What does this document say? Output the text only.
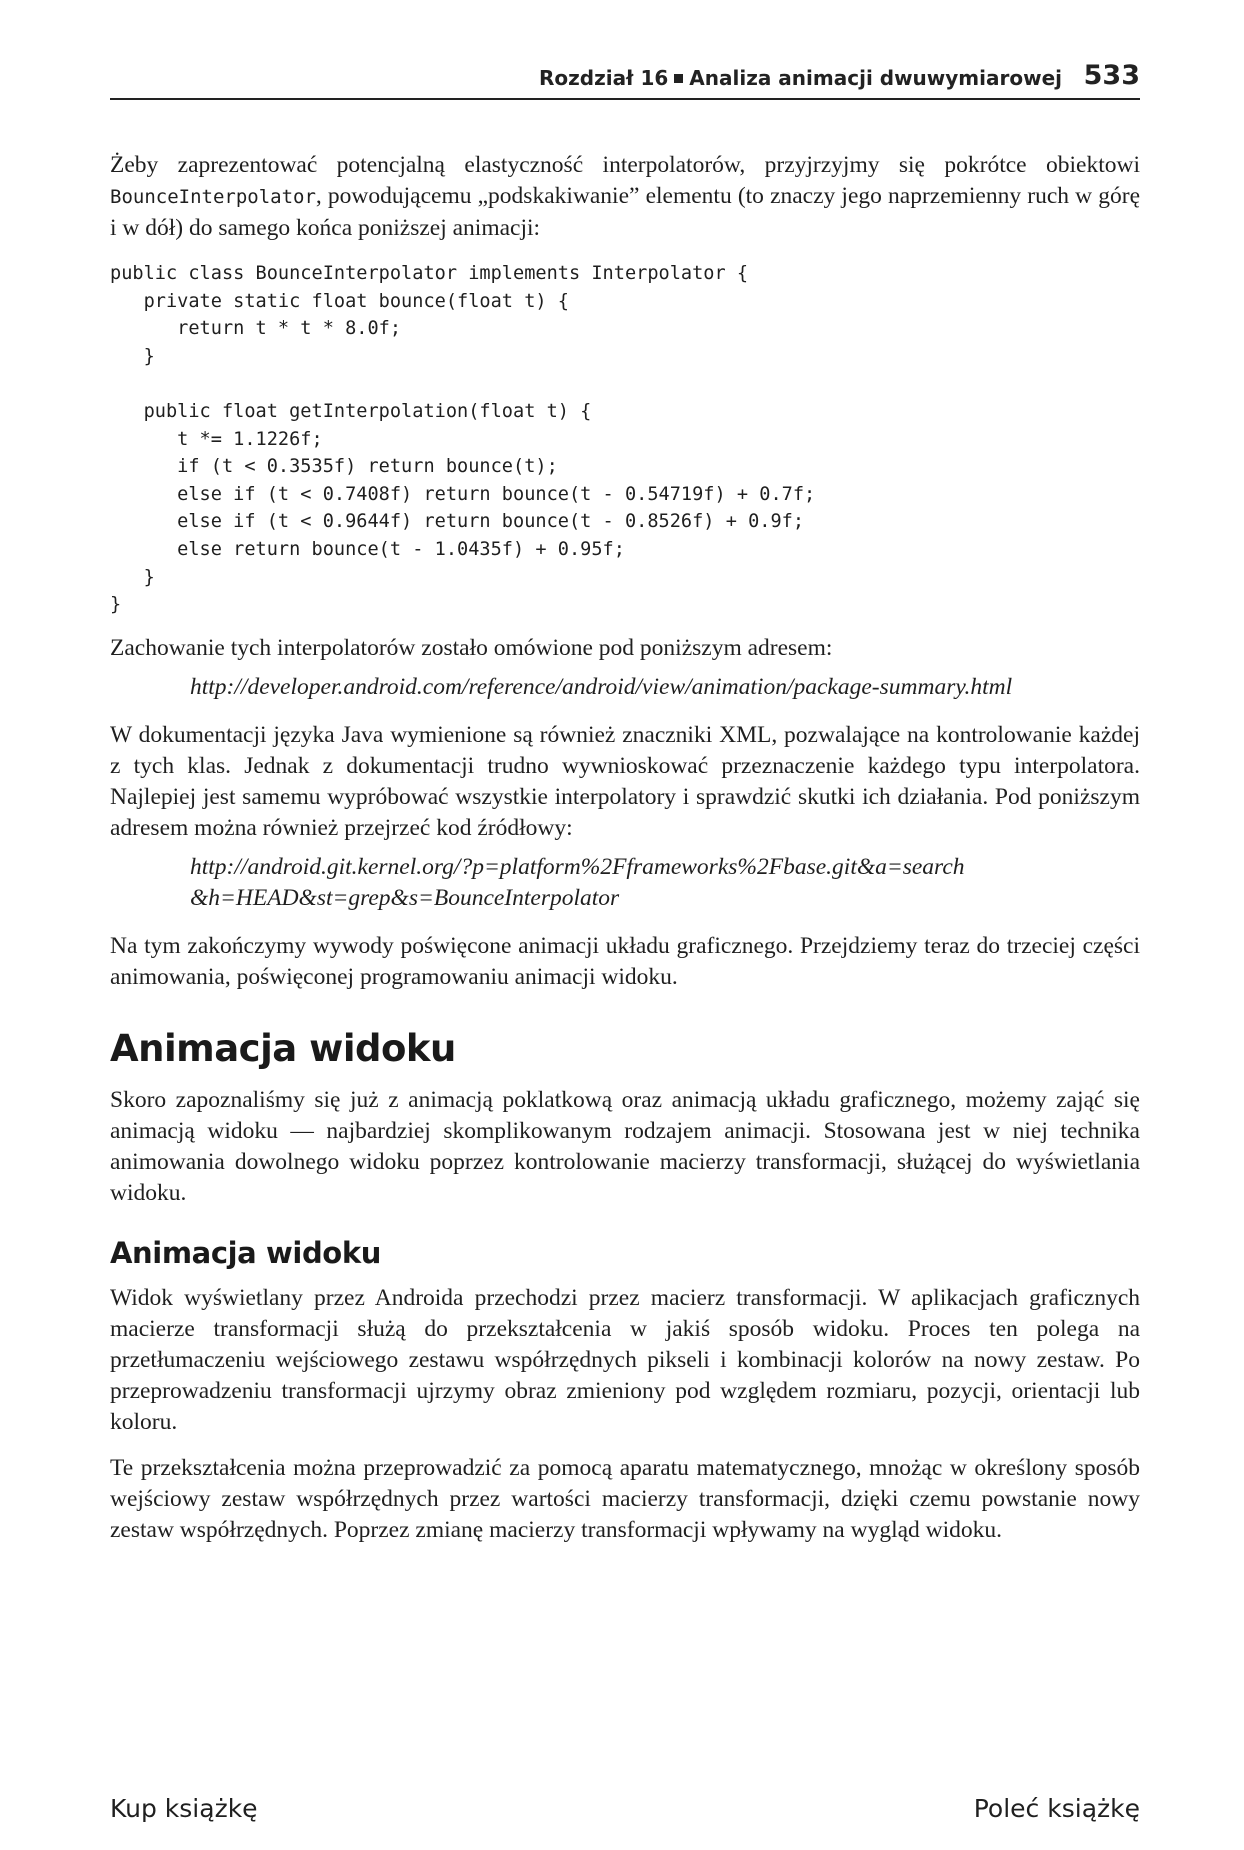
Rozdział 16 Analiza animacji dwuwymiarowej 533

Żeby zaprezentować potencjalną elastyczność interpolatorów, przyjrzyjmy się pokrótce obiektowi BounceInterpolator, powodującemu „podskakiwanie” elementu (to znaczy jego naprzemienny ruch w górę i w dół) do samego końca poniższej animacji:

public class BounceInterpolator implements Interpolator {
private static float bounce(float t) {
return t * t * 8.0f;
}

public float getInterpolation(float t) {
t *= 1.1226f;
if (t < 0.3535f) return bounce(t);
else if (t < 0.7408f) return bounce(t - 0.54719f) + 0.7f;
else if (t < 0.9644f) return bounce(t - 0.8526f) + 0.9f;
else return bounce(t - 1.0435f) + 0.95f;
}
}

Zachowanie tych interpolatorów zostało omówione pod poniższym adresem:

http://developer.android.com/reference/android/view/animation/package-summary.html

W dokumentacji języka Java wymienione są również znaczniki XML, pozwalające na kontrolowanie każdej z tych klas. Jednak z dokumentacji trudno wywnioskować przeznaczenie każdego typu interpolatora. Najlepiej jest samemu wypróbować wszystkie interpolatory i sprawdzić skutki ich działania. Pod poniższym adresem można również przejrzeć kod źródłowy:

http://android.git.kernel.org/?p=platform%2Fframeworks%2Fbase.git&a=search&h=HEAD&st=grep&s=BounceInterpolator

Na tym zakończymy wywody poświęcone animacji układu graficznego. Przejdziemy teraz do trzeciej części animowania, poświęconej programowaniu animacji widoku.

Animacja widoku

Skoro zapoznaliśmy się już z animacją poklatkową oraz animacją układu graficznego, możemy zająć się animacją widoku — najbardziej skomplikowanym rodzajem animacji. Stosowana jest w niej technika animowania dowolnego widoku poprzez kontrolowanie macierzy transformacji, służącej do wyświetlania widoku.

Animacja widoku

Widok wyświetlany przez Androida przechodzi przez macierz transformacji. W aplikacjach graficznych macierze transformacji służą do przekształcenia w jakiś sposób widoku. Proces ten polega na przetłumaczeniu wejściowego zestawu współrzędnych pikseli i kombinacji kolorów na nowy zestaw. Po przeprowadzeniu transformacji ujrzymy obraz zmieniony pod względem rozmiaru, pozycji, orientacji lub koloru.

Te przekształcenia można przeprowadzić za pomocą aparatu matematycznego, mnożąc w określony sposób wejściowy zestaw współrzędnych przez wartości macierzy transformacji, dzięki czemu powstanie nowy zestaw współrzędnych. Poprzez zmianę macierzy transformacji wpływamy na wygląd widoku.

Kup książkę	Poleć książkę
